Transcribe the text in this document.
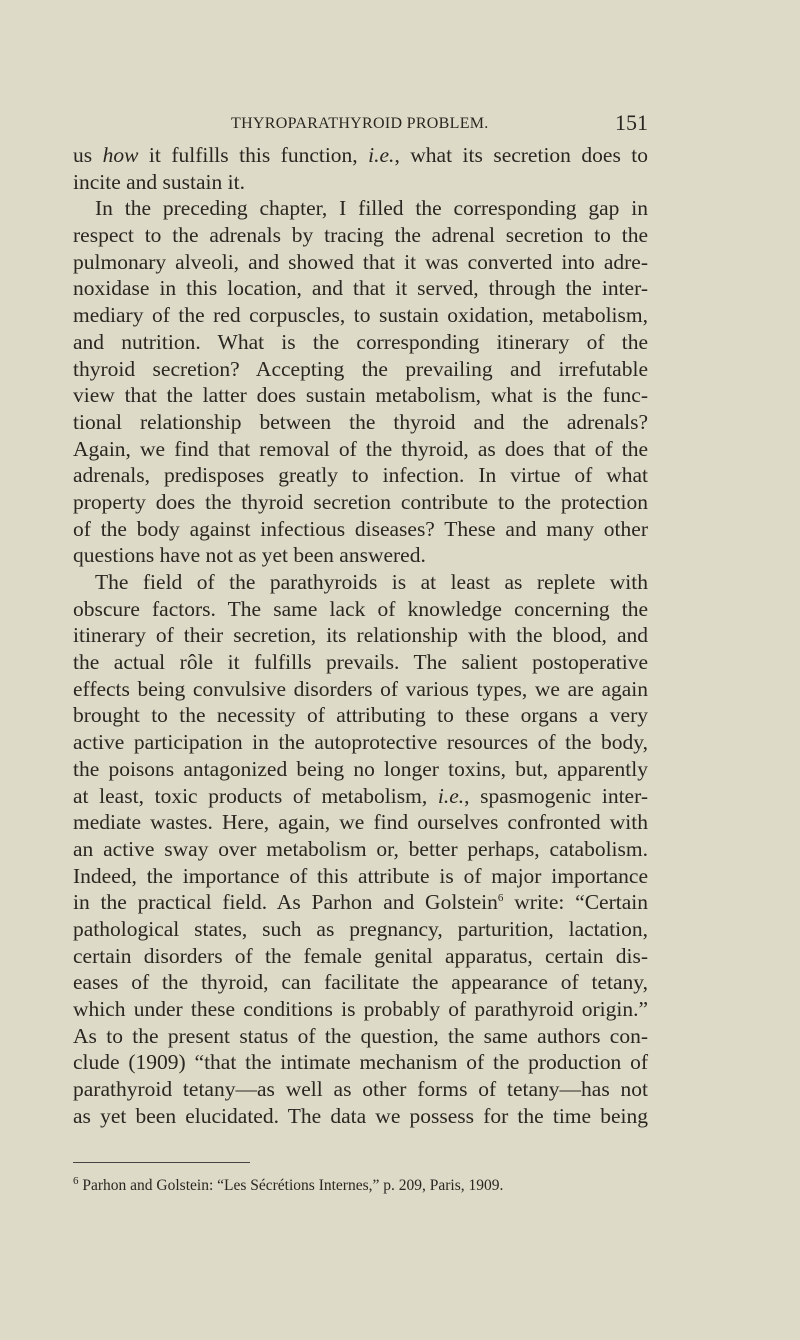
THYROPARATHYROID PROBLEM.	151
us how it fulfills this function, i.e., what its secretion does to
incite and sustain it.
In the preceding chapter, I filled the corresponding gap in
respect to the adrenals by tracing the adrenal secretion to the
pulmonary alveoli, and showed that it was converted into adre-
noxidase in this location, and that it served, through the inter-
mediary of the red corpuscles, to sustain oxidation, metabolism,
and nutrition. What is the corresponding itinerary of the
thyroid secretion? Accepting the prevailing and irrefutable
view that the latter does sustain metabolism, what is the func-
tional relationship between the thyroid and the adrenals?
Again, we find that removal of the thyroid, as does that of the
adrenals, predisposes greatly to infection. In virtue of what
property does the thyroid secretion contribute to the protection
of the body against infectious diseases? These and many other
questions have not as yet been answered.
The field of the parathyroids is at least as replete with
obscure factors. The same lack of knowledge concerning the
itinerary of their secretion, its relationship with the blood, and
the actual rôle it fulfills prevails. The salient postoperative
effects being convulsive disorders of various types, we are again
brought to the necessity of attributing to these organs a very
active participation in the autoprotective resources of the body,
the poisons antagonized being no longer toxins, but, apparently
at least, toxic products of metabolism, i.e., spasmogenic inter-
mediate wastes. Here, again, we find ourselves confronted with
an active sway over metabolism or, better perhaps, catabolism.
Indeed, the importance of this attribute is of major importance
in the practical field. As Parhon and Golstein$^6$ write: “Certain
pathological states, such as pregnancy, parturition, lactation,
certain disorders of the female genital apparatus, certain dis-
eases of the thyroid, can facilitate the appearance of tetany,
which under these conditions is probably of parathyroid origin.”
As to the present status of the question, the same authors con-
clude (1909) “that the intimate mechanism of the production of
parathyroid tetany—as well as other forms of tetany—has not
as yet been elucidated. The data we possess for the time being
$^6$ Parhon and Golstein: “Les Sécrétions Internes,” p. 209, Paris, 1909.
